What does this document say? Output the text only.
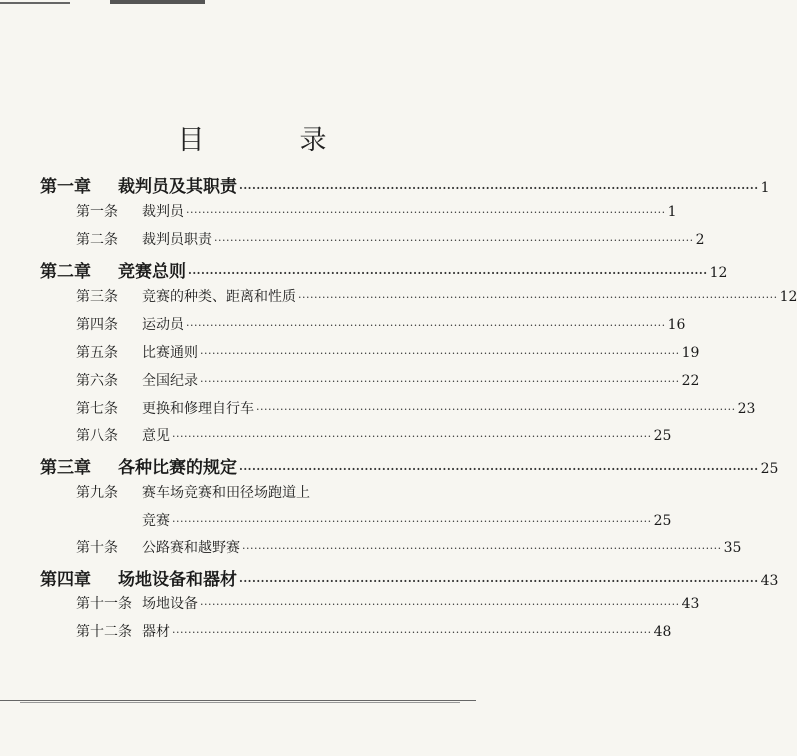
目　录
第一章	裁判员及其职责 ························································································································ 1
第一条	裁判员 ························································································································ 1
第二条	裁判员职责 ························································································································ 2
第二章	竞赛总则 ························································································································ 12
第三条	竞赛的种类、距离和性质 ························································································································ 12
第四条	运动员 ························································································································ 16
第五条	比赛通则 ························································································································ 19
第六条	全国纪录 ························································································································ 22
第七条	更换和修理自行车 ························································································································ 23
第八条	意见 ························································································································ 25
第三章	各种比赛的规定 ························································································································ 25
第九条	赛车场竞赛和田径场跑道上
竞赛 ························································································································ 25
第十条	公路赛和越野赛 ························································································································ 35
第四章	场地设备和器材 ························································································································ 43
第十一条 场地设备 ························································································································ 43
第十二条 器材 ························································································································ 48
